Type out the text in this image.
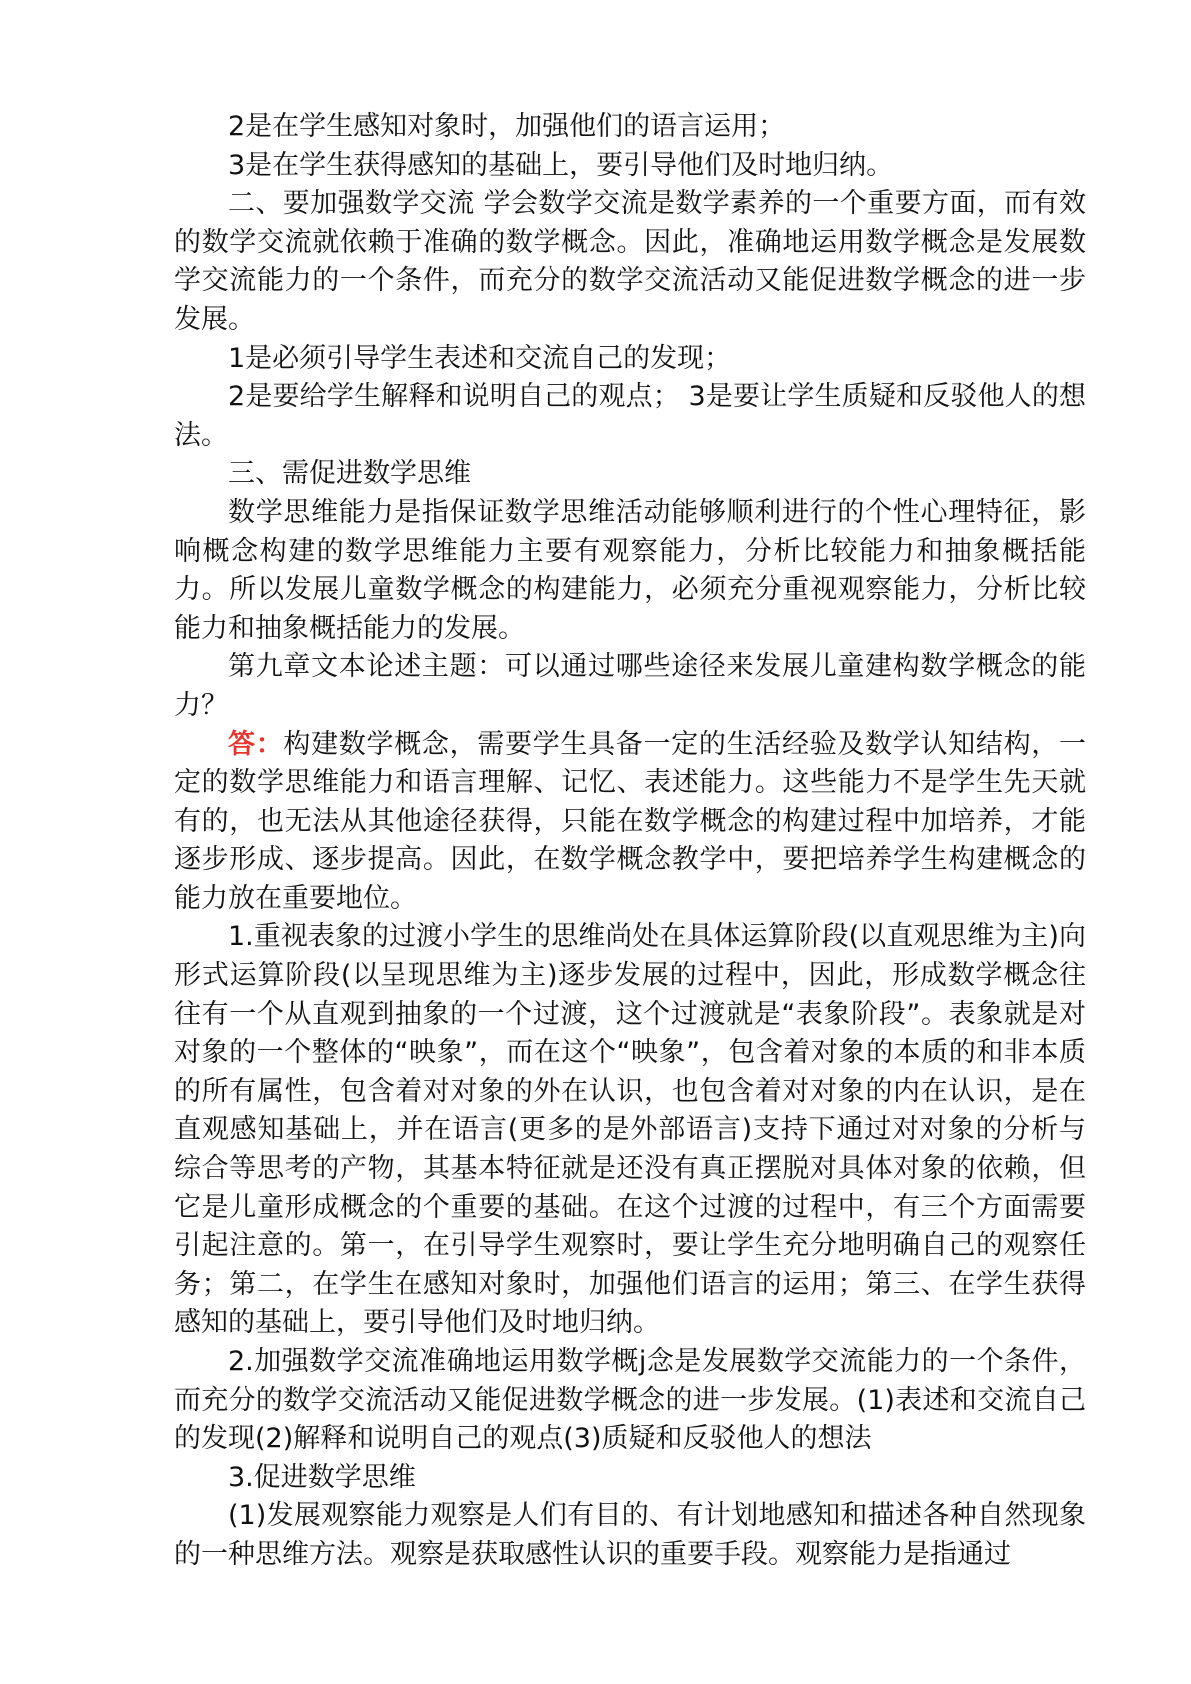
2是在学生感知对象时，加强他们的语言运用；

3是在学生获得感知的基础上，要引导他们及时地归纳。

二、要加强数学交流 学会数学交流是数学素养的一个重要方面，而有效的数学交流就依赖于准确的数学概念。因此，准确地运用数学概念是发展数学交流能力的一个条件，而充分的数学交流活动又能促进数学概念的进一步发展。

1是必须引导学生表述和交流自己的发现；

2是要给学生解释和说明自己的观点； 3是要让学生质疑和反驳他人的想法。

三、需促进数学思维

数学思维能力是指保证数学思维活动能够顺利进行的个性心理特征，影响概念构建的数学思维能力主要有观察能力，分析比较能力和抽象概括能力。所以发展儿童数学概念的构建能力，必须充分重视观察能力，分析比较能力和抽象概括能力的发展。

第九章文本论述主题：可以通过哪些途径来发展儿童建构数学概念的能力？

答：构建数学概念，需要学生具备一定的生活经验及数学认知结构，一定的数学思维能力和语言理解、记忆、表述能力。这些能力不是学生先天就有的，也无法从其他途径获得，只能在数学概念的构建过程中加培养，才能逐步形成、逐步提高。因此，在数学概念教学中，要把培养学生构建概念的能力放在重要地位。

1.重视表象的过渡小学生的思维尚处在具体运算阶段(以直观思维为主)向形式运算阶段(以呈现思维为主)逐步发展的过程中，因此，形成数学概念往往有一个从直观到抽象的一个过渡，这个过渡就是“表象阶段”。表象就是对对象的一个整体的“映象”，而在这个“映象”，包含着对象的本质的和非本质的所有属性，包含着对对象的外在认识，也包含着对对象的内在认识，是在直观感知基础上，并在语言(更多的是外部语言)支持下通过对对象的分析与综合等思考的产物，其基本特征就是还没有真正摆脱对具体对象的依赖，但它是儿童形成概念的个重要的基础。在这个过渡的过程中，有三个方面需要引起注意的。第一，在引导学生观察时，要让学生充分地明确自己的观察任务；第二，在学生在感知对象时，加强他们语言的运用；第三、在学生获得感知的基础上，要引导他们及时地归纳。

2.加强数学交流准确地运用数学概j念是发展数学交流能力的一个条件，而充分的数学交流活动又能促进数学概念的进一步发展。(1)表述和交流自己的发现(2)解释和说明自己的观点(3)质疑和反驳他人的想法

3.促进数学思维

(1)发展观察能力观察是人们有目的、有计划地感知和描述各种自然现象的一种思维方法。观察是获取感性认识的重要手段。观察能力是指通过
